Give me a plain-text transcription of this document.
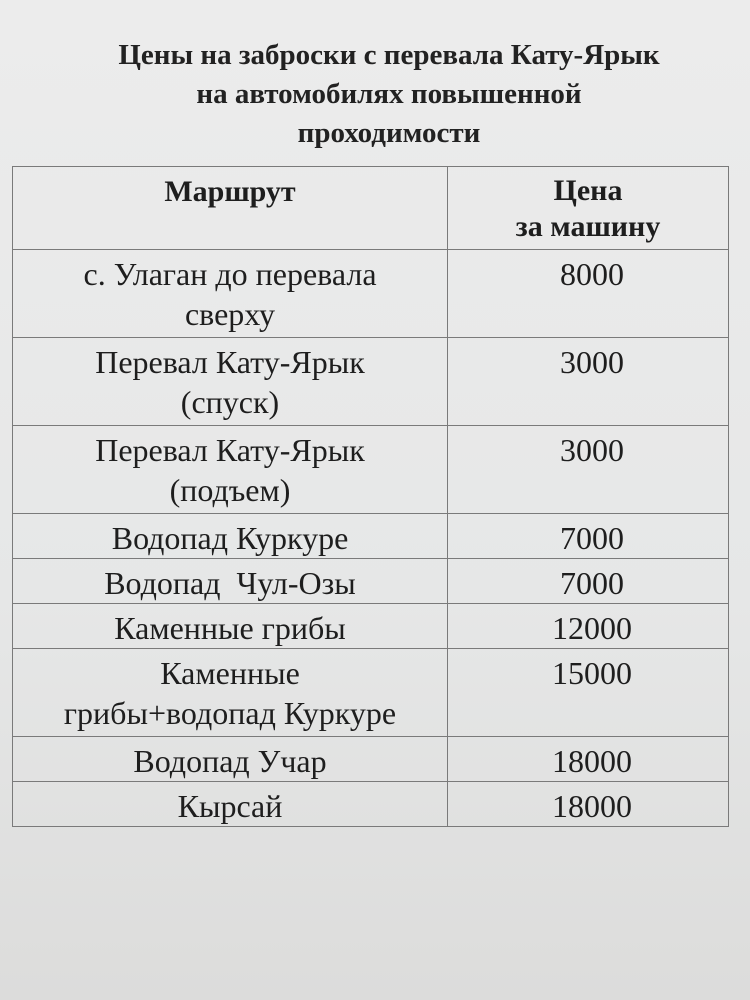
Цены на заброски с перевала Кату-Ярык
на автомобилях повышенной
проходимости
Маршрут	Цена
за машину

с. Улаган до перевала
сверху	8000

Перевал Кату-Ярык
(спуск)	3000

Перевал Кату-Ярык
(подъем)	3000

Водопад Куркуре	7000

Водопад  Чул-Озы	7000

Каменные грибы	12000

Каменные
грибы+водопад Куркуре	15000

Водопад Учар	18000

Кырсай	18000
